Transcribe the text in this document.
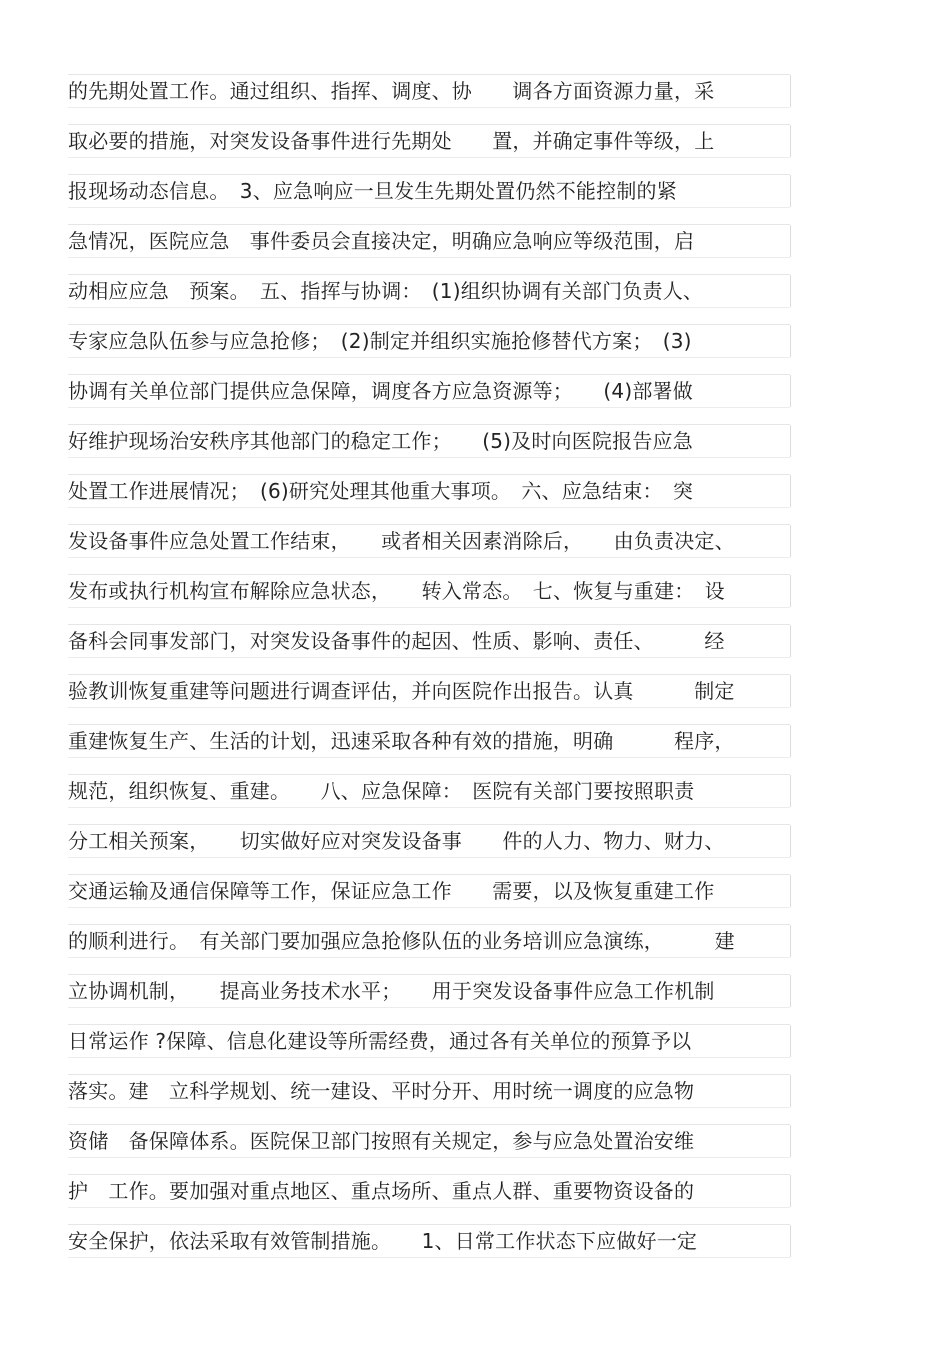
的先期处置工作。通过组织、指挥、调度、协　　调各方面资源力量，采
取必要的措施，对突发设备事件进行先期处　　置，并确定事件等级，上
报现场动态信息。　3、应急响应一旦发生先期处置仍然不能控制的紧
急情况，医院应急　事件委员会直接决定，明确应急响应等级范围，启
动相应应急　预案。　五、指挥与协调：　(1)组织协调有关部门负责人、
专家应急队伍参与应急抢修；　(2)制定并组织实施抢修替代方案；　(3)
协调有关单位部门提供应急保障，调度各方应急资源等；　　(4)部署做
好维护现场治安秩序其他部门的稳定工作；　　(5)及时向医院报告应急
处置工作进展情况；　(6)研究处理其他重大事项。　六、应急结束：　突
发设备事件应急处置工作结束，　　或者相关因素消除后，　　由负责决定、
发布或执行机构宣布解除应急状态，　　转入常态。　七、恢复与重建：　设
备科会同事发部门，对突发设备事件的起因、性质、影响、责任、　　　经
验教训恢复重建等问题进行调查评估，并向医院作出报告。认真　　　制定
重建恢复生产、生活的计划，迅速采取各种有效的措施，明确　　　程序，
规范，组织恢复、重建。　　八、应急保障：　医院有关部门要按照职责
分工相关预案，　　切实做好应对突发设备事　　件的人力、物力、财力、
交通运输及通信保障等工作，保证应急工作　　需要，以及恢复重建工作
的顺利进行。　有关部门要加强应急抢修队伍的业务培训应急演练，　　　建
立协调机制，　　提高业务技术水平；　　用于突发设备事件应急工作机制
日常运作 ?保障、信息化建设等所需经费，通过各有关单位的预算予以
落实。建　立科学规划、统一建设、平时分开、用时统一调度的应急物
资储　备保障体系。医院保卫部门按照有关规定，参与应急处置治安维
护　工作。要加强对重点地区、重点场所、重点人群、重要物资设备的
安全保护，依法采取有效管制措施。　　1、日常工作状态下应做好一定
